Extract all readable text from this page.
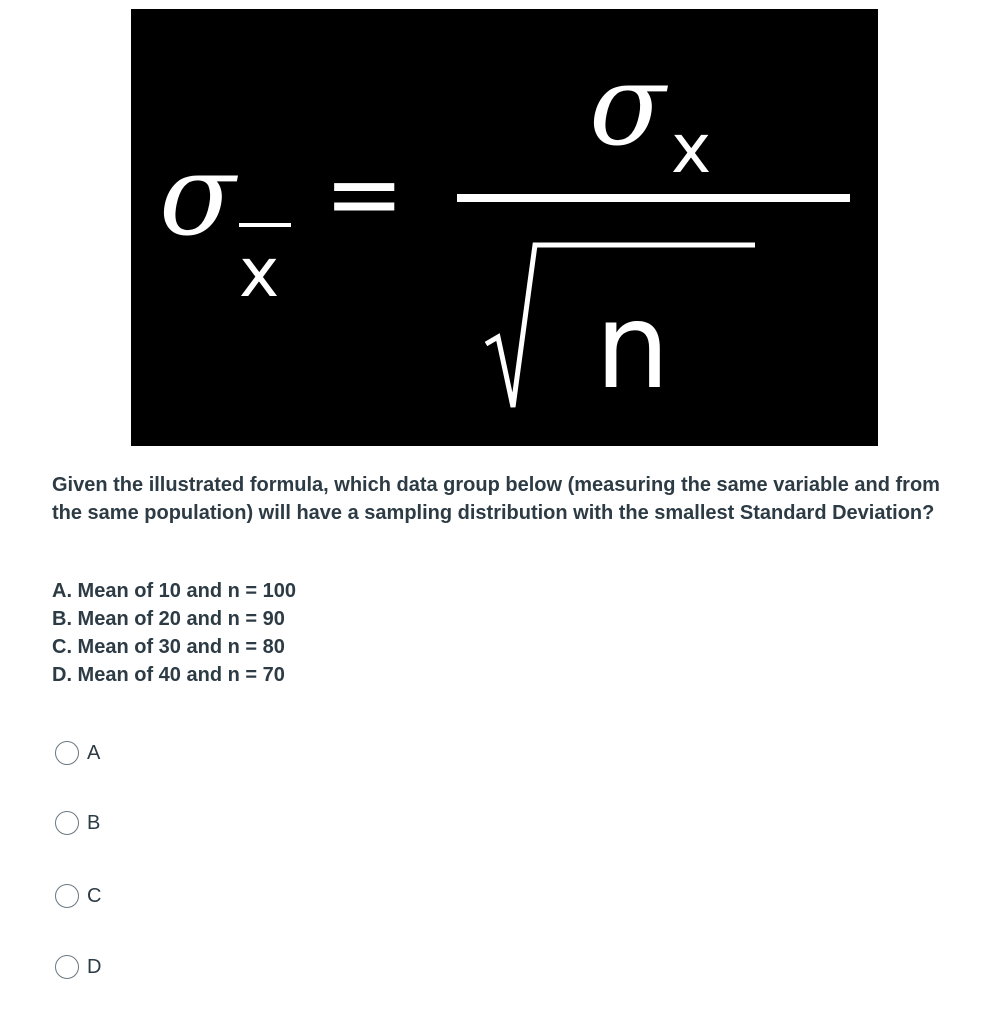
σ
x
=
σ x
n

Given the illustrated formula, which data group below (measuring the same variable and from the same population) will have a sampling distribution with the smallest Standard Deviation?

A. Mean of 10 and n = 100
B. Mean of 20 and n = 90
C. Mean of 30 and n = 80
D. Mean of 40 and n = 70
A
B
C
D
